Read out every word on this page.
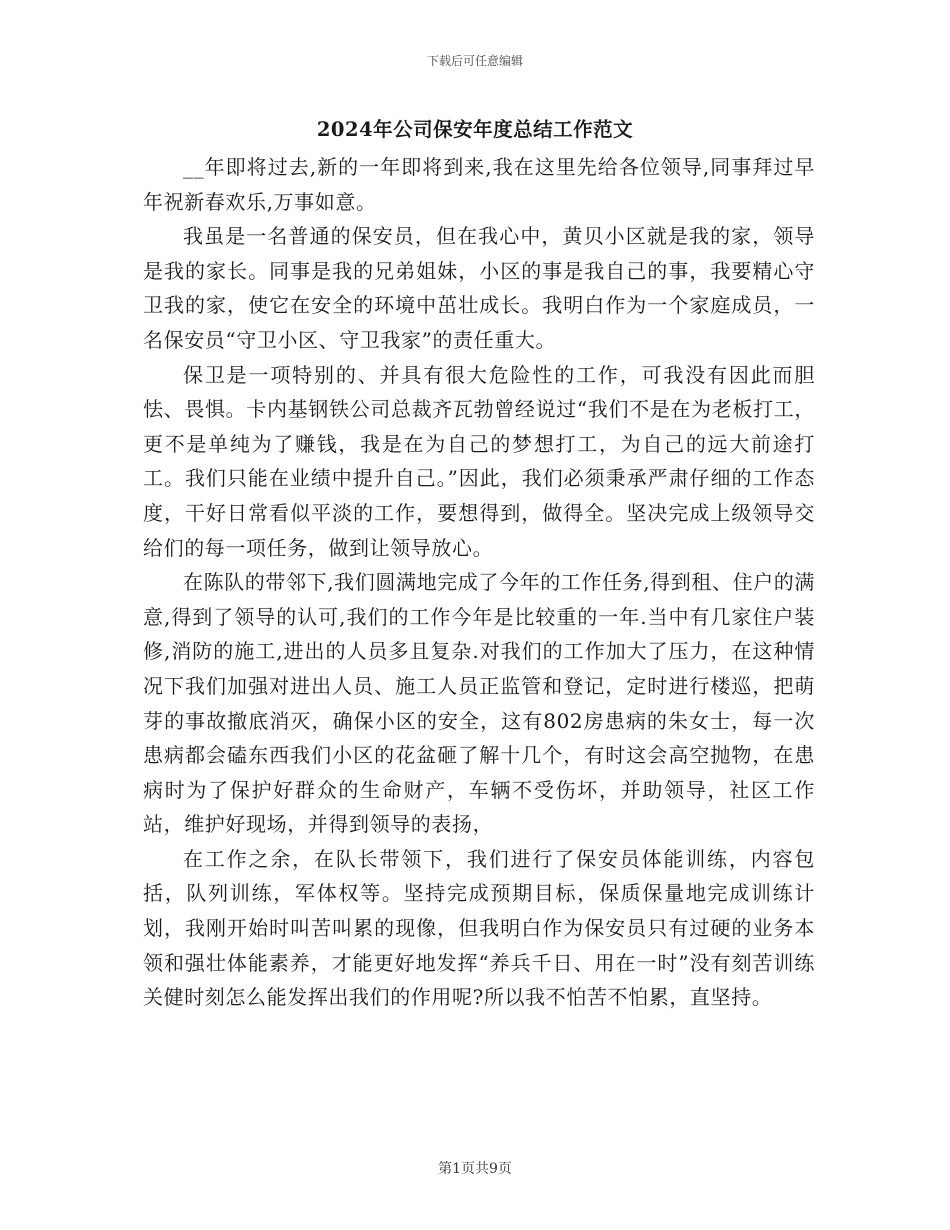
下载后可任意编辑
2024年公司保安年度总结工作范文

__年即将过去,新的一年即将到来,我在这里先给各位领导,同事拜过早年祝新春欢乐,万事如意。

我虽是一名普通的保安员，但在我心中，黄贝小区就是我的家，领导是我的家长。同事是我的兄弟姐妹，小区的事是我自己的事，我要精心守卫我的家，使它在安全的环境中茁壮成长。我明白作为一个家庭成员，一名保安员“守卫小区、守卫我家”的责任重大。

保卫是一项特别的、并具有很大危险性的工作，可我没有因此而胆怯、畏惧。卡内基钢铁公司总裁齐瓦勃曾经说过“我们不是在为老板打工，更不是单纯为了赚钱，我是在为自己的梦想打工，为自己的远大前途打工。我们只能在业绩中提升自己。”因此，我们必须秉承严肃仔细的工作态度，干好日常看似平淡的工作，要想得到，做得全。坚决完成上级领导交给们的每一项任务，做到让领导放心。

在陈队的带邻下,我们圆满地完成了今年的工作任务,得到租、住户的满意,得到了领导的认可,我们的工作今年是比较重的一年.当中有几家住户装修,消防的施工,进出的人员多且复杂.对我们的工作加大了压力，在这种情况下我们加强对进出人员、施工人员正监管和登记，定时进行楼巡，把萌芽的事故撤底消灭，确保小区的安全，这有802房患病的朱女士，每一次患病都会磕东西我们小区的花盆砸了解十几个，有时这会高空抛物，在患病时为了保护好群众的生命财产，车辆不受伤坏，并助领导，社区工作站，维护好现场，并得到领导的表扬，

在工作之余，在队长带领下，我们进行了保安员体能训练，内容包括，队列训练，军体权等。坚持完成预期目标，保质保量地完成训练计划，我刚开始时叫苦叫累的现像，但我明白作为保安员只有过硬的业务本领和强壮体能素养，才能更好地发挥“养兵千日、用在一时”没有刻苦训练关健时刻怎么能发挥出我们的作用呢?所以我不怕苦不怕累，直坚持。

第1页共9页
